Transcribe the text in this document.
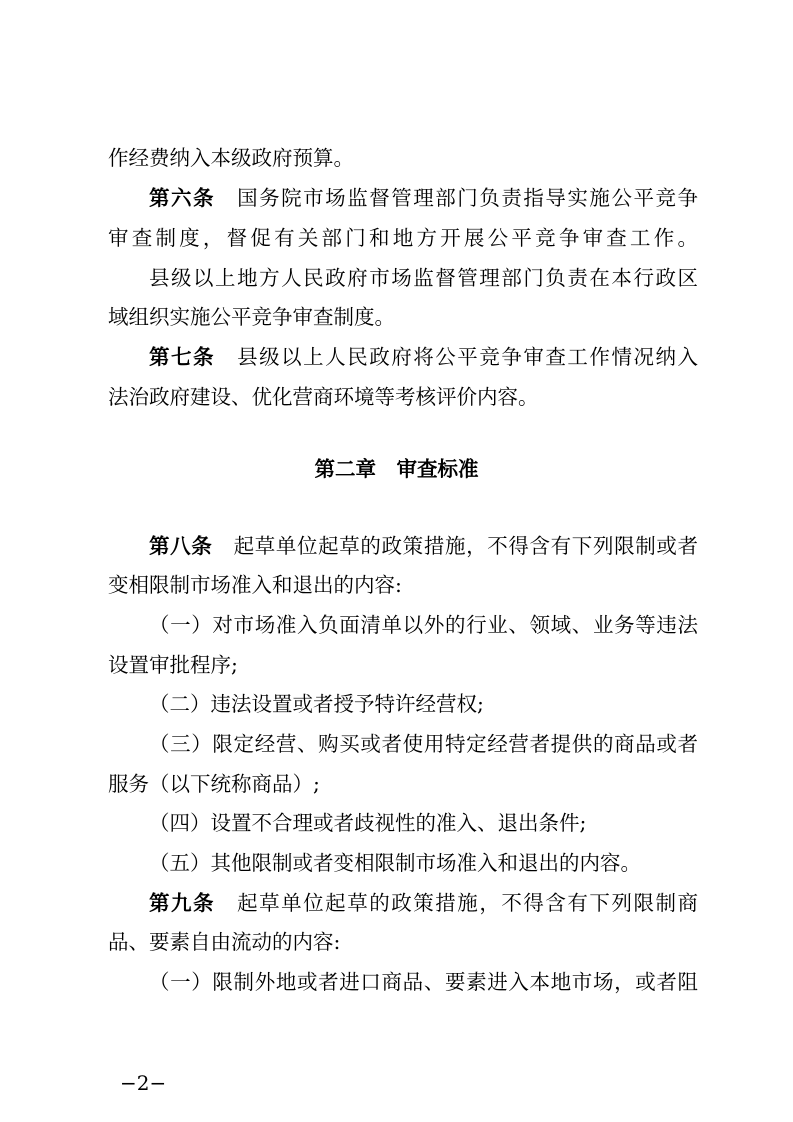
作经费纳入本级政府预算。
第六条　 国务院市场监督管理部门负责指导实施公平竞争
审查制度，督促有关部门和地方开展公平竞争审查工作。
县级以上地方人民政府市场监督管理部门负责在本行政区
域组织实施公平竞争审查制度。
第七条　 县级以上人民政府将公平竞争审查工作情况纳入
法治政府建设、优化营商环境等考核评价内容。
第二章　审查标准
第八条　 起草单位起草的政策措施，不得含有下列限制或者
变相限制市场准入和退出的内容:
（一）对市场准入负面清单以外的行业、领域、业务等违法
设置审批程序;
（二）违法设置或者授予特许经营权;
（三）限定经营、购买或者使用特定经营者提供的商品或者
服务（以下统称商品）;
（四）设置不合理或者歧视性的准入、退出条件;
（五）其他限制或者变相限制市场准入和退出的内容。
第九条　 起草单位起草的政策措施，不得含有下列限制商
品、要素自由流动的内容:
（一）限制外地或者进口商品、要素进入本地市场，或者阻
−2−
